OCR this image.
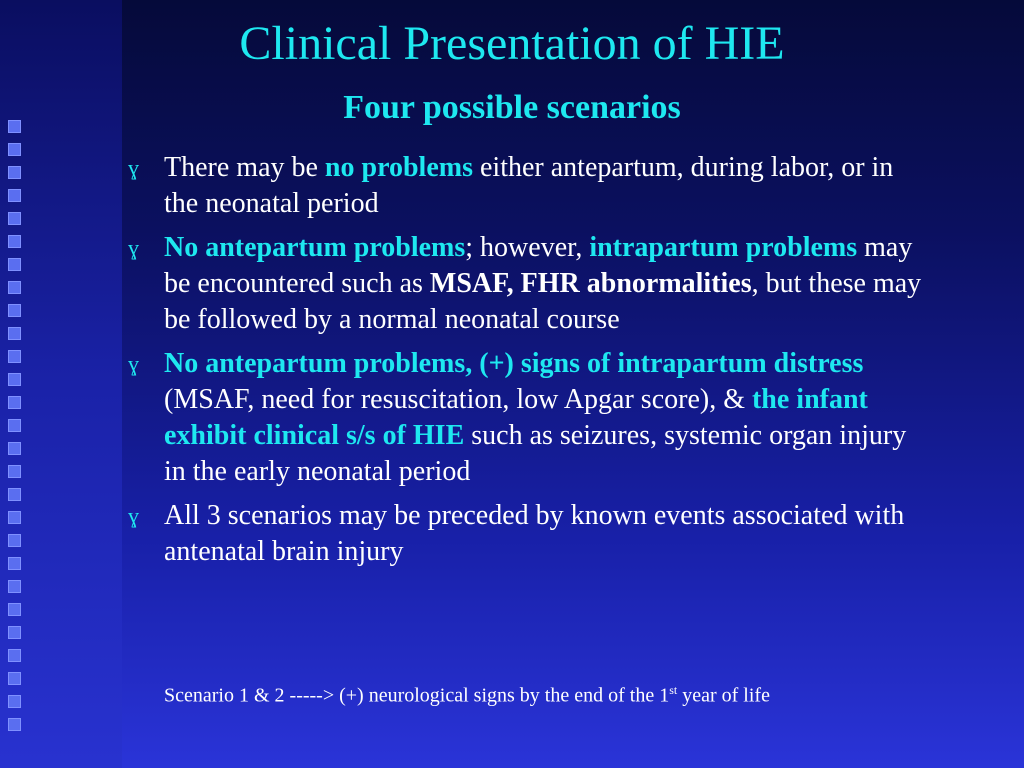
Clinical Presentation of HIE
Four possible scenarios
ɣ There may be no problems either antepartum, during labor, or in the neonatal period
ɣ No antepartum problems; however, intrapartum problems may be encountered such as MSAF, FHR abnormalities, but these may be followed by a normal neonatal course
ɣ No antepartum problems, (+) signs of intrapartum distress (MSAF, need for resuscitation, low Apgar score), & the infant exhibit clinical s/s of HIE such as seizures, systemic organ injury in the early neonatal period
ɣ All 3 scenarios may be preceded by known events associated with antenatal brain injury
Scenario 1 & 2 -----> (+) neurological signs by the end of the 1st year of life
